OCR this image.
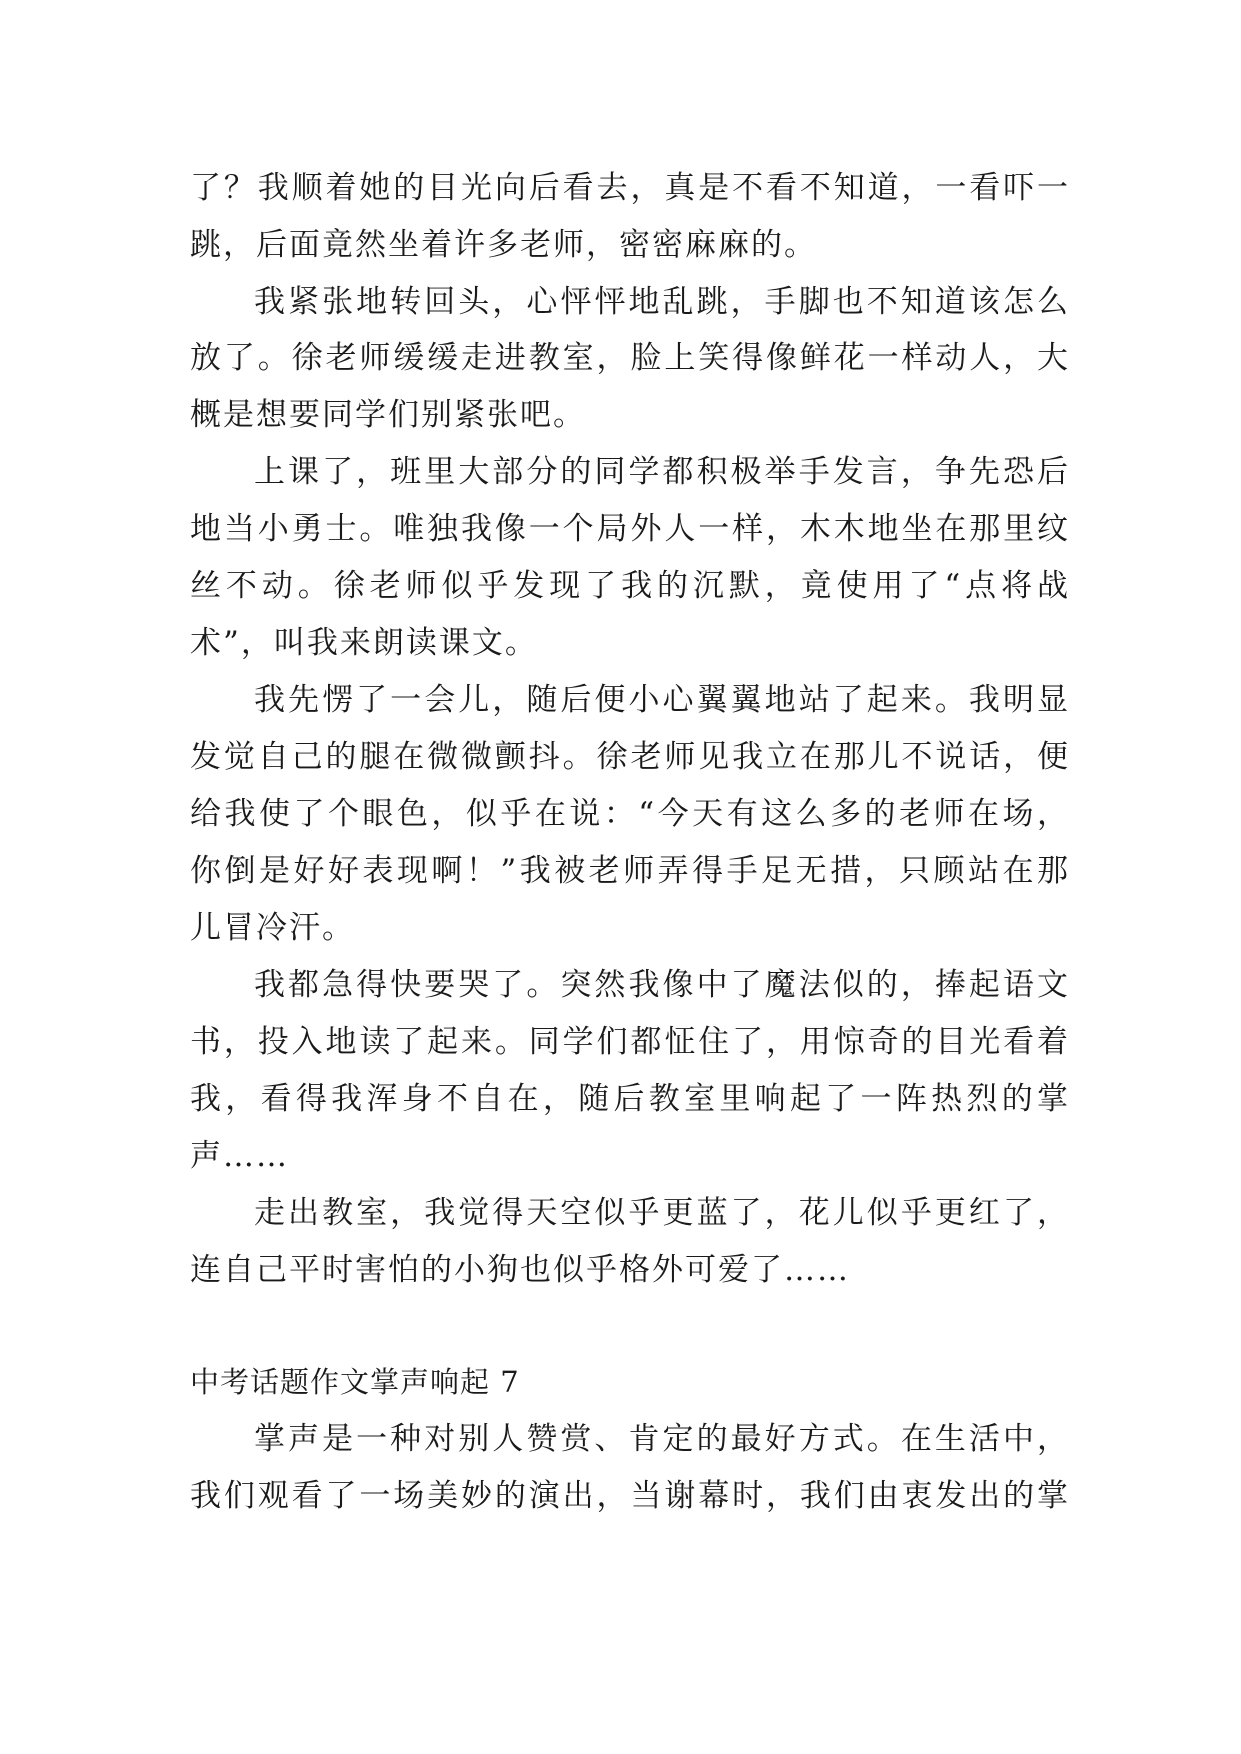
了？我顺着她的目光向后看去，真是不看不知道，一看吓一
跳，后面竟然坐着许多老师，密密麻麻的。
我紧张地转回头，心怦怦地乱跳，手脚也不知道该怎么
放了。徐老师缓缓走进教室，脸上笑得像鲜花一样动人，大
概是想要同学们别紧张吧。
上课了，班里大部分的同学都积极举手发言，争先恐后
地当小勇士。唯独我像一个局外人一样，木木地坐在那里纹
丝不动。徐老师似乎发现了我的沉默，竟使用了“点将战
术”，叫我来朗读课文。
我先愣了一会儿，随后便小心翼翼地站了起来。我明显
发觉自己的腿在微微颤抖。徐老师见我立在那儿不说话，便
给我使了个眼色，似乎在说：“今天有这么多的老师在场，
你倒是好好表现啊！”我被老师弄得手足无措，只顾站在那
儿冒冷汗。
我都急得快要哭了。突然我像中了魔法似的，捧起语文
书，投入地读了起来。同学们都怔住了，用惊奇的目光看着
我，看得我浑身不自在，随后教室里响起了一阵热烈的掌
声……
走出教室，我觉得天空似乎更蓝了，花儿似乎更红了，
连自己平时害怕的小狗也似乎格外可爱了……
中考话题作文掌声响起 7
掌声是一种对别人赞赏、肯定的最好方式。在生活中，
我们观看了一场美妙的演出，当谢幕时，我们由衷发出的掌
